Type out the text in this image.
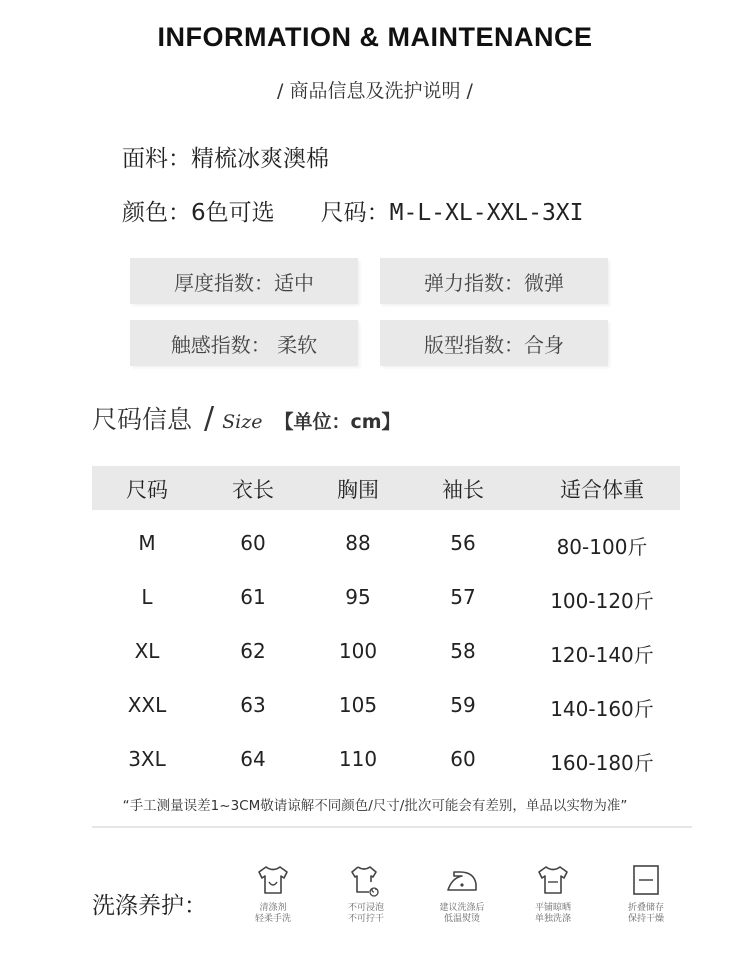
INFORMATION & MAINTENANCE
/ 商品信息及洗护说明 /
面料：精梳冰爽澳棉
颜色：6色可选 尺码：M-L-XL-XXL-3XI
厚度指数：适中	弹力指数：微弹
触感指数： 柔软	版型指数：合身
尺码信息 / Size 【单位：cm】
尺码	衣长	胸围	袖长	适合体重
M	60	88	56	80-100斤
L	61	95	57	100-120斤
XL	62	100	58	120-140斤
XXL	63	105	59	140-160斤
3XL	64	110	60	160-180斤
“手工测量误差1~3CM敬请谅解不同颜色/尺寸/批次可能会有差别，单品以实物为准”
洗涤养护：	清涤剂
轻柔手洗
不可浸泡
不可拧干
建议洗涤后
低温熨烫
平铺晾晒
单独洗涤
折叠储存
保持干燥
